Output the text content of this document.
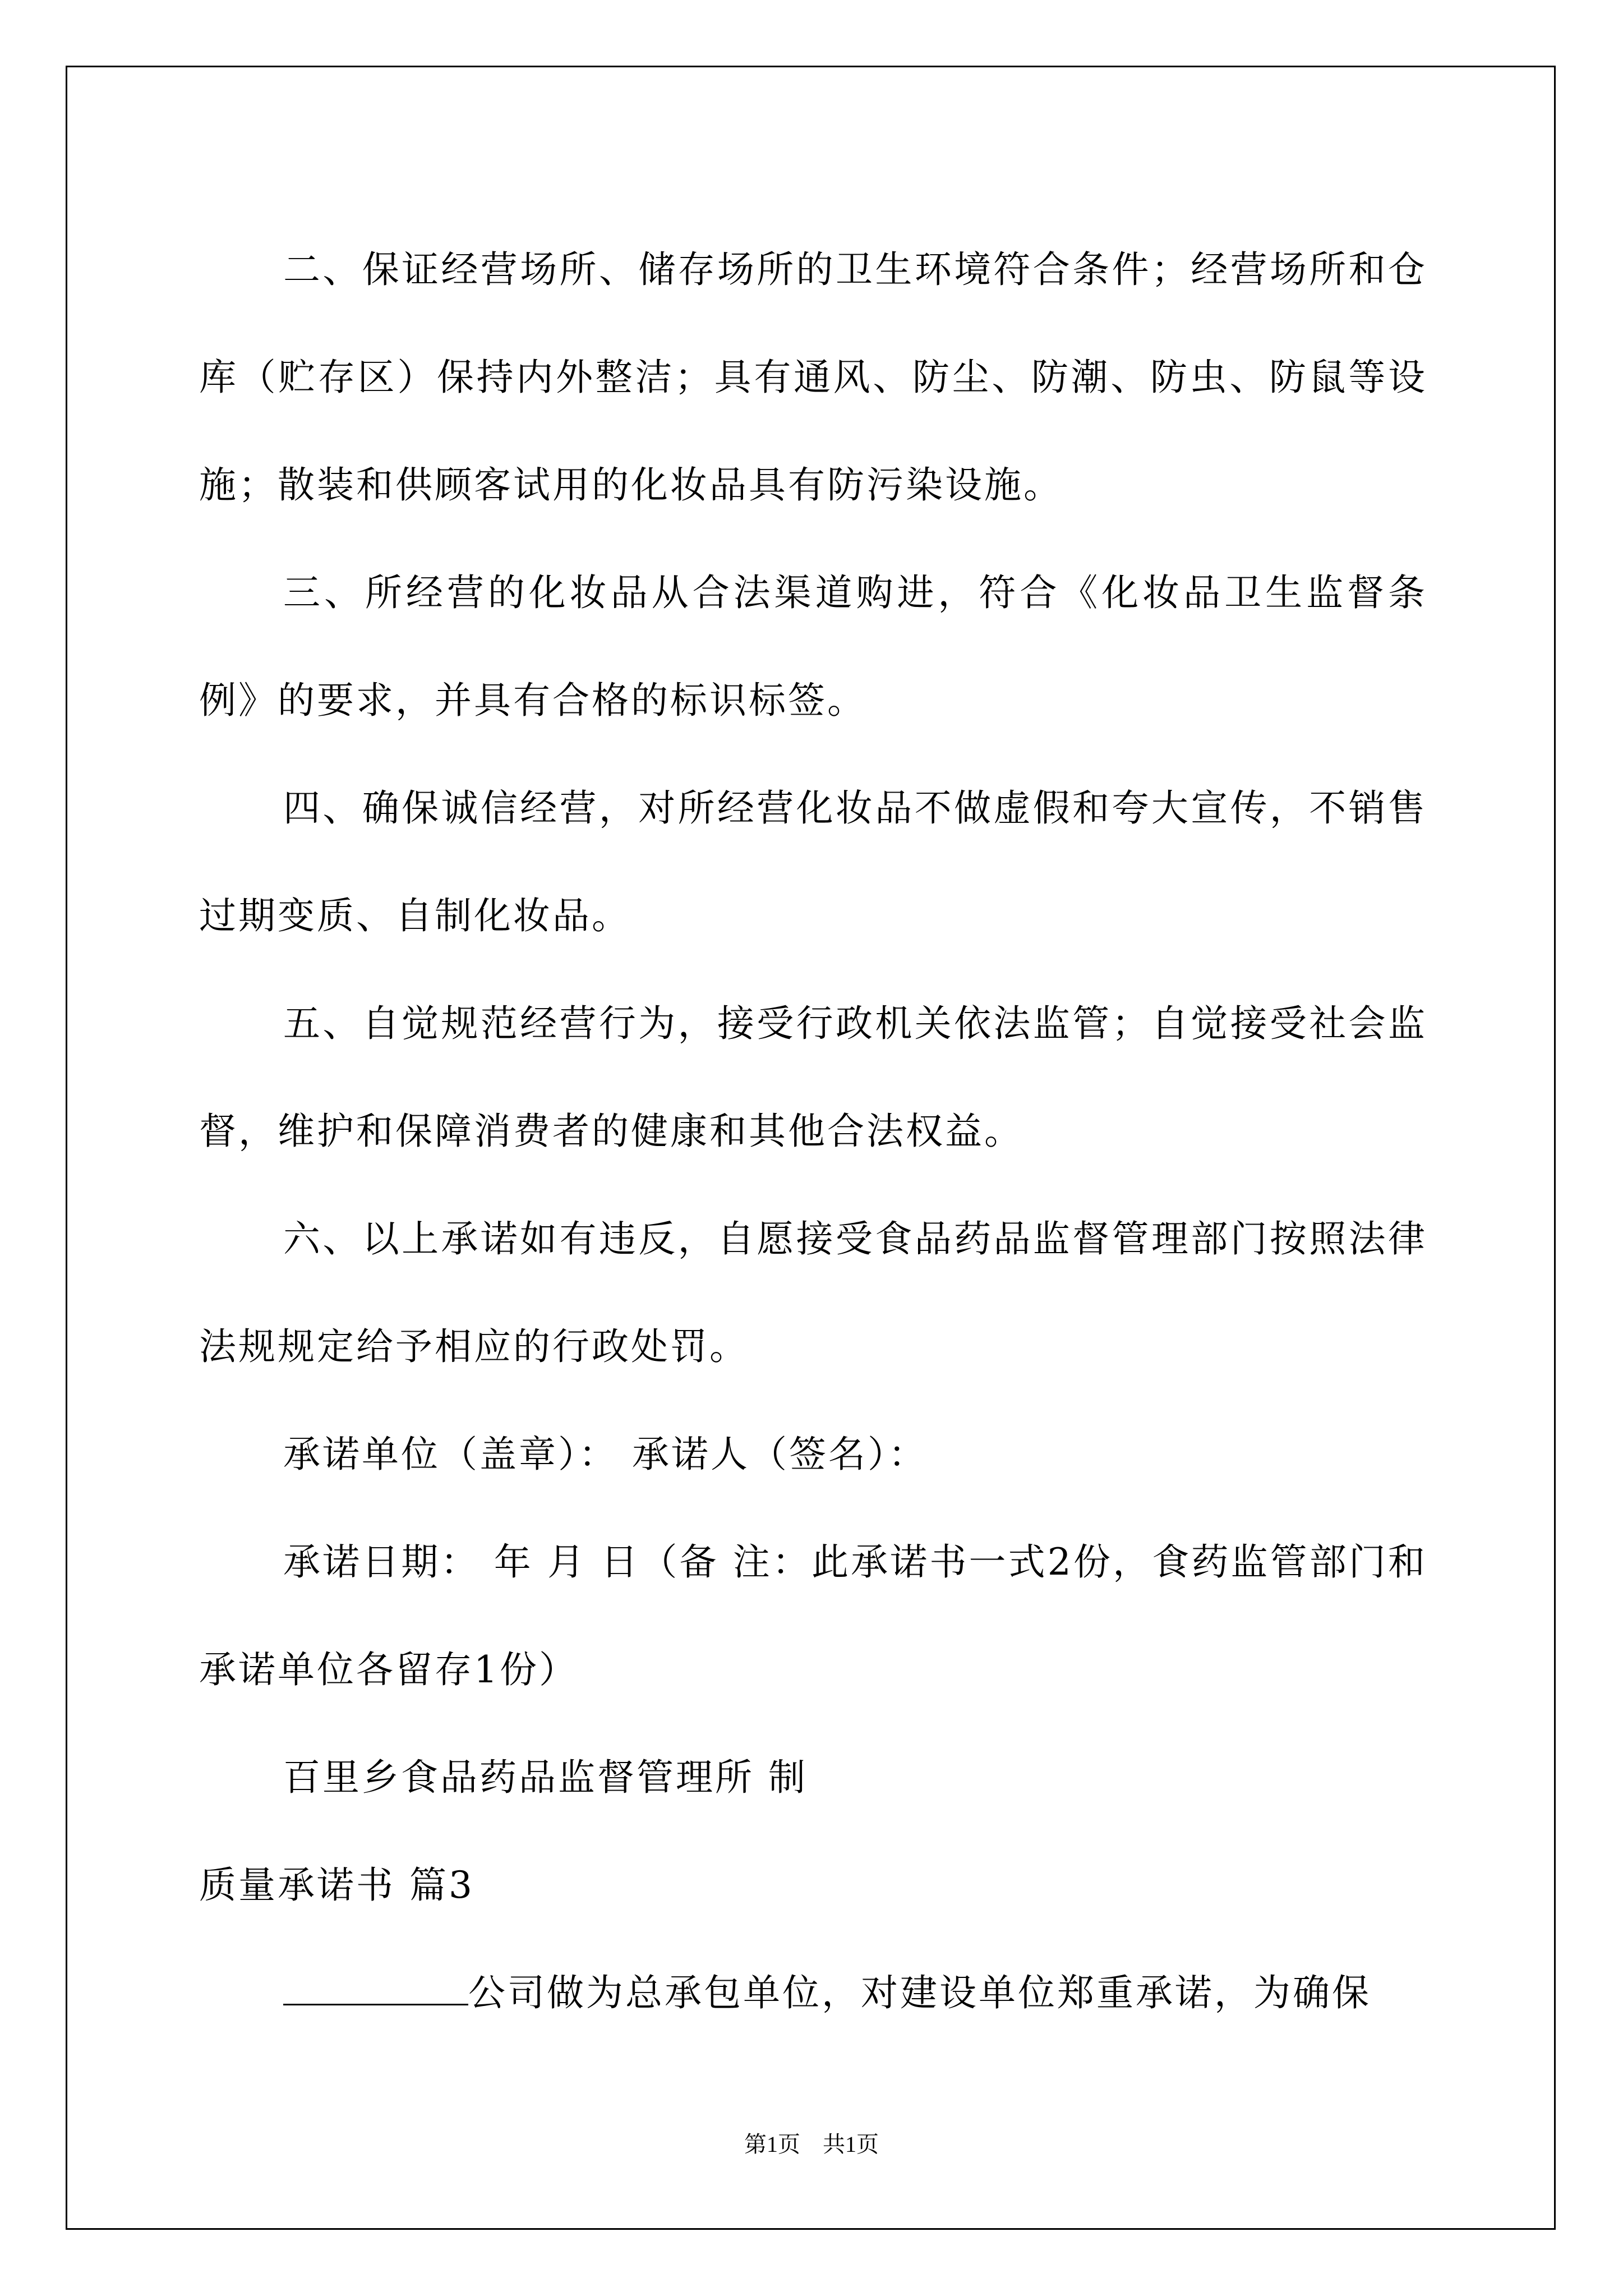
二、保证经营场所、储存场所的卫生环境符合条件；经营场所和仓库（贮存区）保持内外整洁；具有通风、防尘、防潮、防虫、防鼠等设施；散装和供顾客试用的化妆品具有防污染设施。

三、所经营的化妆品从合法渠道购进，符合《化妆品卫生监督条例》的要求，并具有合格的标识标签。

四、确保诚信经营，对所经营化妆品不做虚假和夸大宣传，不销售过期变质、自制化妆品。

五、自觉规范经营行为，接受行政机关依法监管；自觉接受社会监督，维护和保障消费者的健康和其他合法权益。

六、以上承诺如有违反，自愿接受食品药品监督管理部门按照法律法规规定给予相应的行政处罚。

承诺单位（盖章）： 承诺人（签名）：

承诺日期： 年 月 日（备 注：此承诺书一式2份，食药监管部门和承诺单位各留存1份）

百里乡食品药品监督管理所 制

质量承诺书 篇3

公司做为总承包单位，对建设单位郑重承诺，为确保

第1页 共1页
